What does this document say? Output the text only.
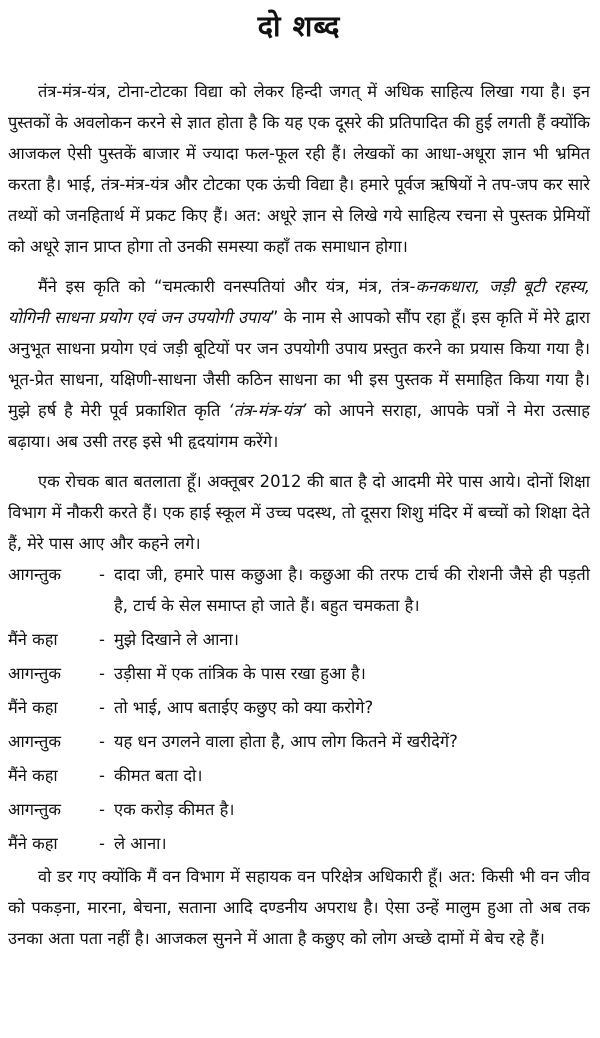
दो शब्द

तंत्र-मंत्र-यंत्र, टोना-टोटका विद्या को लेकर हिन्दी जगत् में अधिक साहित्य लिखा गया है। इन पुस्तकों के अवलोकन करने से ज्ञात होता है कि यह एक दूसरे की प्रतिपादित की हुई लगती हैं क्योंकि आजकल ऐसी पुस्तकें बाजार में ज्यादा फल-फूल रही हैं। लेखकों का आधा-अधूरा ज्ञान भी भ्रमित करता है। भाई, तंत्र-मंत्र-यंत्र और टोटका एक ऊंची विद्या है। हमारे पूर्वज ऋषियों ने तप-जप कर सारे तथ्यों को जनहितार्थ में प्रकट किए हैं। अत: अधूरे ज्ञान से लिखे गये साहित्य रचना से पुस्तक प्रेमियों को अधूरे ज्ञान प्राप्त होगा तो उनकी समस्या कहाँ तक समाधान होगा।

मैंने इस कृति को “चमत्कारी वनस्पतियां और यंत्र, मंत्र, तंत्र-कनकधारा, जड़ी बूटी रहस्य, योगिनी साधना प्रयोग एवं जन उपयोगी उपाय” के नाम से आपको सौंप रहा हूँ। इस कृति में मेरे द्वारा अनुभूत साधना प्रयोग एवं जड़ी बूटियों पर जन उपयोगी उपाय प्रस्तुत करने का प्रयास किया गया है। भूत-प्रेत साधना, यक्षिणी-साधना जैसी कठिन साधना का भी इस पुस्तक में समाहित किया गया है। मुझे हर्ष है मेरी पूर्व प्रकाशित कृति ‘तंत्र-मंत्र-यंत्र’ को आपने सराहा, आपके पत्रों ने मेरा उत्साह बढ़ाया। अब उसी तरह इसे भी हृदयांगम करेंगे।

एक रोचक बात बतलाता हूँ। अक्तूबर 2012 की बात है दो आदमी मेरे पास आये। दोनों शिक्षा विभाग में नौकरी करते हैं। एक हाई स्कूल में उच्च पदस्थ, तो दूसरा शिशु मंदिर में बच्चों को शिक्षा देते हैं, मेरे पास आए और कहने लगे।

आगन्तुक	- दादा जी, हमारे पास कछुआ है। कछुआ की तरफ टार्च की रोशनी जैसे ही पड़ती है, टार्च के सेल समाप्त हो जाते हैं। बहुत चमकता है।
मैंने कहा	- मुझे दिखाने ले आना।
आगन्तुक	- उड़ीसा में एक तांत्रिक के पास रखा हुआ है।
मैंने कहा	- तो भाई, आप बताईए कछुए को क्या करोगे?
आगन्तुक	- यह धन उगलने वाला होता है, आप लोग कितने में खरीदेगें?
मैंने कहा	- कीमत बता दो।
आगन्तुक	- एक करोड़ कीमत है।
मैंने कहा	- ले आना।

वो डर गए क्योंकि मैं वन विभाग में सहायक वन परिक्षेत्र अधिकारी हूँ। अत: किसी भी वन जीव को पकड़ना, मारना, बेचना, सताना आदि दण्डनीय अपराध है। ऐसा उन्हें मालुम हुआ तो अब तक उनका अता पता नहीं है। आजकल सुनने में आता है कछुए को लोग अच्छे दामों में बेच रहे हैं।
